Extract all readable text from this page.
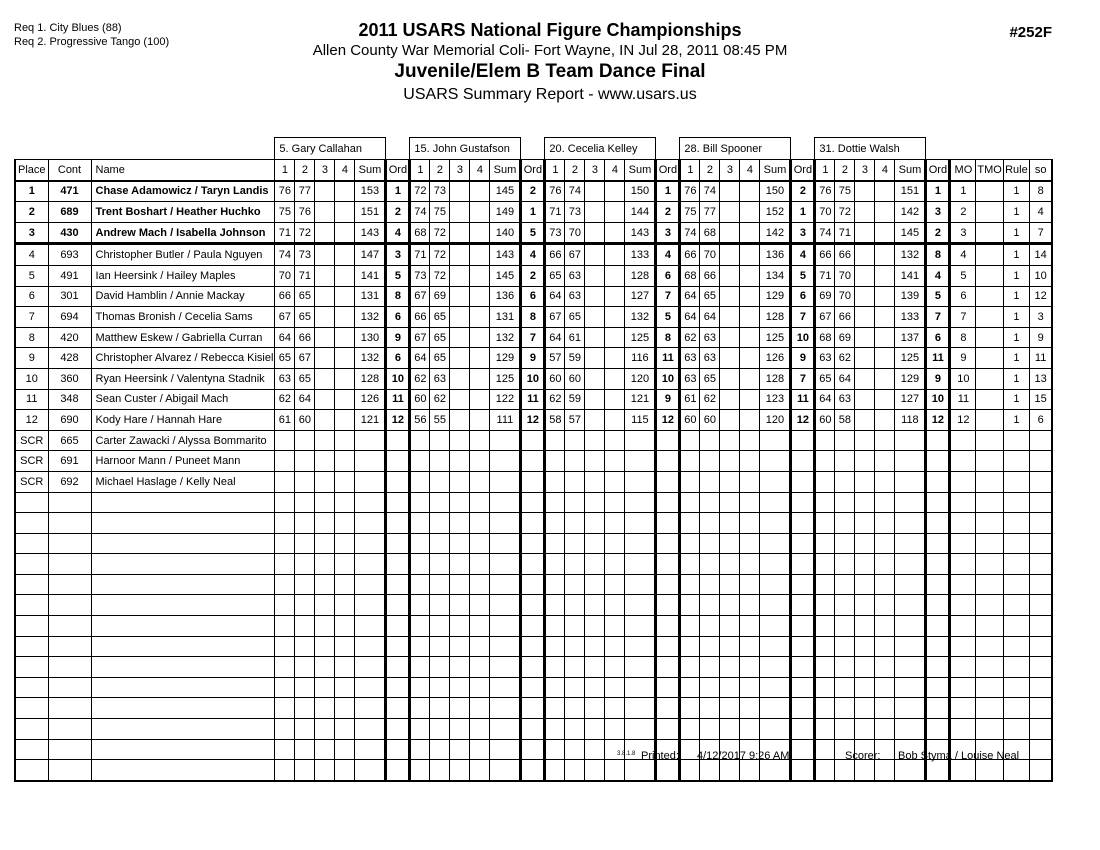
Req 1. City Blues (88)
Req 2. Progressive Tango (100)
2011 USARS National Figure Championships
Allen County War Memorial Coli- Fort Wayne, IN Jul 28, 2011 08:45 PM
Juvenile/Elem B Team Dance Final
USARS Summary Report - www.usars.us
#252F
			5. Gary Callahan						15. John Gustafson						20. Cecelia Kelley						28. Bill Spooner						31. Dottie Walsh									
Place	Cont	Name	1	2	3	4	Sum	Ord	1	2	3	4	Sum	Ord	1	2	3	4	Sum	Ord	1	2	3	4	Sum	Ord	1	2	3	4	Sum	Ord	MO	TMO	Rule	so
1	471	Chase Adamowicz / Taryn Landis	76	77			153	1	72	73			145	2	76	74			150	1	76	74			150	2	76	75			151	1	1		1	8
2	689	Trent Boshart / Heather Huchko	75	76			151	2	74	75			149	1	71	73			144	2	75	77			152	1	70	72			142	3	2		1	4
3	430	Andrew Mach / Isabella Johnson	71	72			143	4	68	72			140	5	73	70			143	3	74	68			142	3	74	71			145	2	3		1	7
4	693	Christopher Butler / Paula Nguyen	74	73			147	3	71	72			143	4	66	67			133	4	66	70			136	4	66	66			132	8	4		1	14
5	491	Ian Heersink / Hailey Maples	70	71			141	5	73	72			145	2	65	63			128	6	68	66			134	5	71	70			141	4	5		1	10
6	301	David Hamblin / Annie Mackay	66	65			131	8	67	69			136	6	64	63			127	7	64	65			129	6	69	70			139	5	6		1	12
7	694	Thomas Bronish / Cecelia Sams	67	65			132	6	66	65			131	8	67	65			132	5	64	64			128	7	67	66			133	7	7		1	3
8	420	Matthew Eskew / Gabriella Curran	64	66			130	9	67	65			132	7	64	61			125	8	62	63			125	10	68	69			137	6	8		1	9
9	428	Christopher Alvarez / Rebecca Kisiel	65	67			132	6	64	65			129	9	57	59			116	11	63	63			126	9	63	62			125	11	9		1	11
10	360	Ryan Heersink / Valentyna Stadnik	63	65			128	10	62	63			125	10	60	60			120	10	63	65			128	7	65	64			129	9	10		1	13
11	348	Sean Custer / Abigail Mach	62	64			126	11	60	62			122	11	62	59			121	9	61	62			123	11	64	63			127	10	11		1	15
12	690	Kody Hare / Hannah Hare	61	60			121	12	56	55			111	12	58	57			115	12	60	60			120	12	60	58			118	12	12		1	6
SCR	665	Carter Zawacki / Alyssa Bommarito																																		
SCR	691	Harnoor Mann / Puneet Mann																																		
SCR	692	Michael Haslage / Kelly Neal																																		

3.8.1.8 Printed: 4/12/2017 9:26 AM	Scorer: Bob Styma / Louise Neal
